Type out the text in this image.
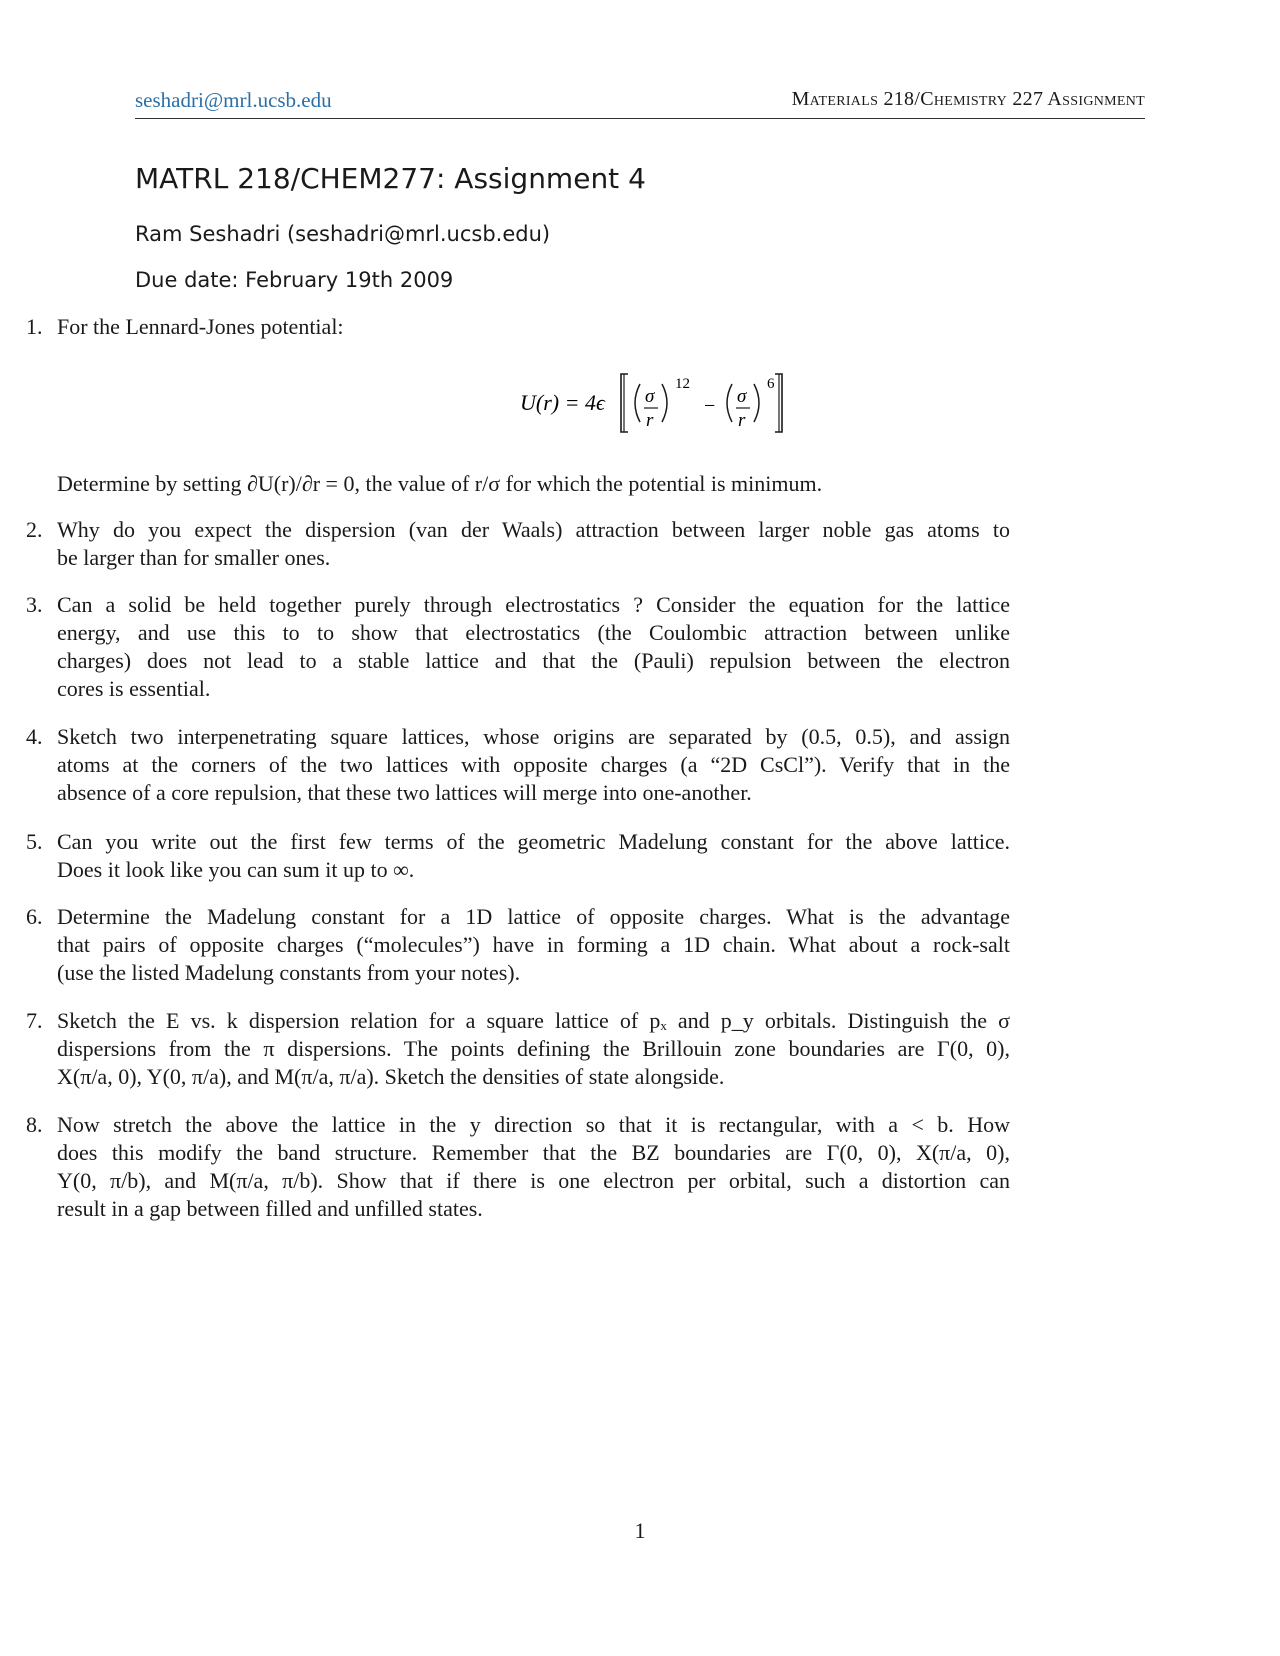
seshadri@mrl.ucsb.edu	Materials 218/Chemistry 227 Assignment
MATRL 218/CHEM277: Assignment 4
Ram Seshadri (seshadri@mrl.ucsb.edu)
Due date: February 19th 2009
1. For the Lennard-Jones potential:
U(r) = 4ϵ σ
r
12
− σ
r
6
Determine by setting ∂U(r)/∂r = 0, the value of r/σ for which the potential is minimum.
2. Why do you expect the dispersion (van der Waals) attraction between larger noble gas atoms to
be larger than for smaller ones.
3. Can a solid be held together purely through electrostatics ? Consider the equation for the lattice
energy, and use this to to show that electrostatics (the Coulombic attraction between unlike
charges) does not lead to a stable lattice and that the (Pauli) repulsion between the electron
cores is essential.
4. Sketch two interpenetrating square lattices, whose origins are separated by (0.5, 0.5), and assign
atoms at the corners of the two lattices with opposite charges (a “2D CsCl”). Verify that in the
absence of a core repulsion, that these two lattices will merge into one-another.
5. Can you write out the first few terms of the geometric Madelung constant for the above lattice.
Does it look like you can sum it up to ∞.
6. Determine the Madelung constant for a 1D lattice of opposite charges. What is the advantage
that pairs of opposite charges (“molecules”) have in forming a 1D chain. What about a rock-salt
(use the listed Madelung constants from your notes).
7. Sketch the E vs. k dispersion relation for a square lattice of pₓ and p_y orbitals. Distinguish the σ
dispersions from the π dispersions. The points defining the Brillouin zone boundaries are Γ(0, 0),
X(π/a, 0), Y(0, π/a), and M(π/a, π/a). Sketch the densities of state alongside.
8. Now stretch the above the lattice in the y direction so that it is rectangular, with a < b. How
does this modify the band structure. Remember that the BZ boundaries are Γ(0, 0), X(π/a, 0),
Y(0, π/b), and M(π/a, π/b). Show that if there is one electron per orbital, such a distortion can
result in a gap between filled and unfilled states.
1
